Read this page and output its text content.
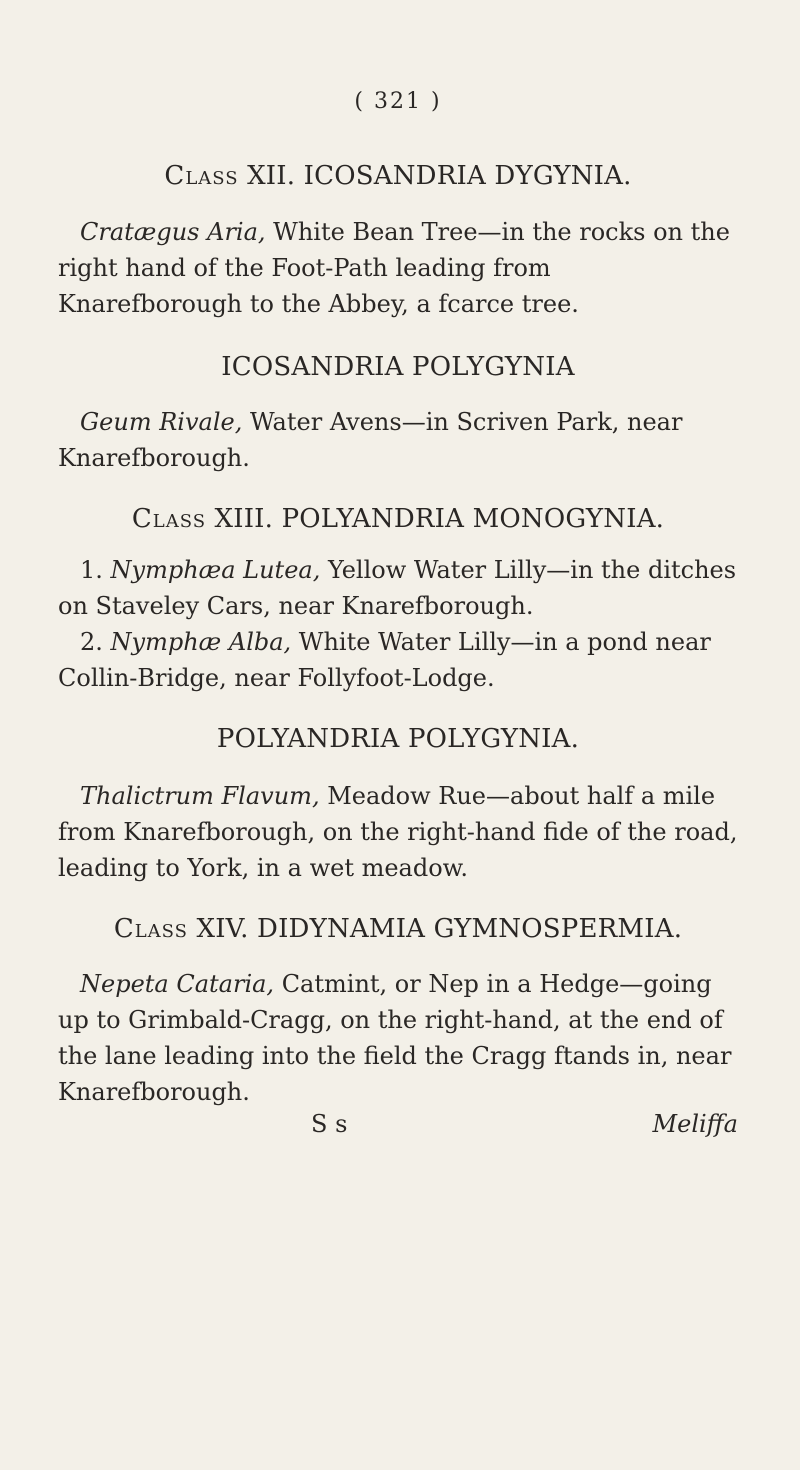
( 321 )
Class XII. ICOSANDRIA DYGYNIA.

Cratægus Aria, White Bean Tree—in the rocks on the right hand of the Foot-Path leading from Knarefborough to the Abbey, a fcarce tree.

ICOSANDRIA POLYGYNIA

Geum Rivale, Water Avens—in Scriven Park, near Knarefborough.

Class XIII. POLYANDRIA MONOGYNIA.

1. Nymphæa Lutea, Yellow Water Lilly—in the ditches on Staveley Cars, near Knarefborough.

2. Nymphæ Alba, White Water Lilly—in a pond near Collin-Bridge, near Follyfoot-Lodge.

POLYANDRIA POLYGYNIA.

Thalictrum Flavum, Meadow Rue—about half a mile from Knarefborough, on the right-hand fide of the road, leading to York, in a wet meadow.

Class XIV. DIDYNAMIA GYMNOSPERMIA.

Nepeta Cataria, Catmint, or Nep in a Hedge—going up to Grimbald-Cragg, on the right-hand, at the end of the lane leading into the field the Cragg ftands in, near Knarefborough.

S s	Meliffa
